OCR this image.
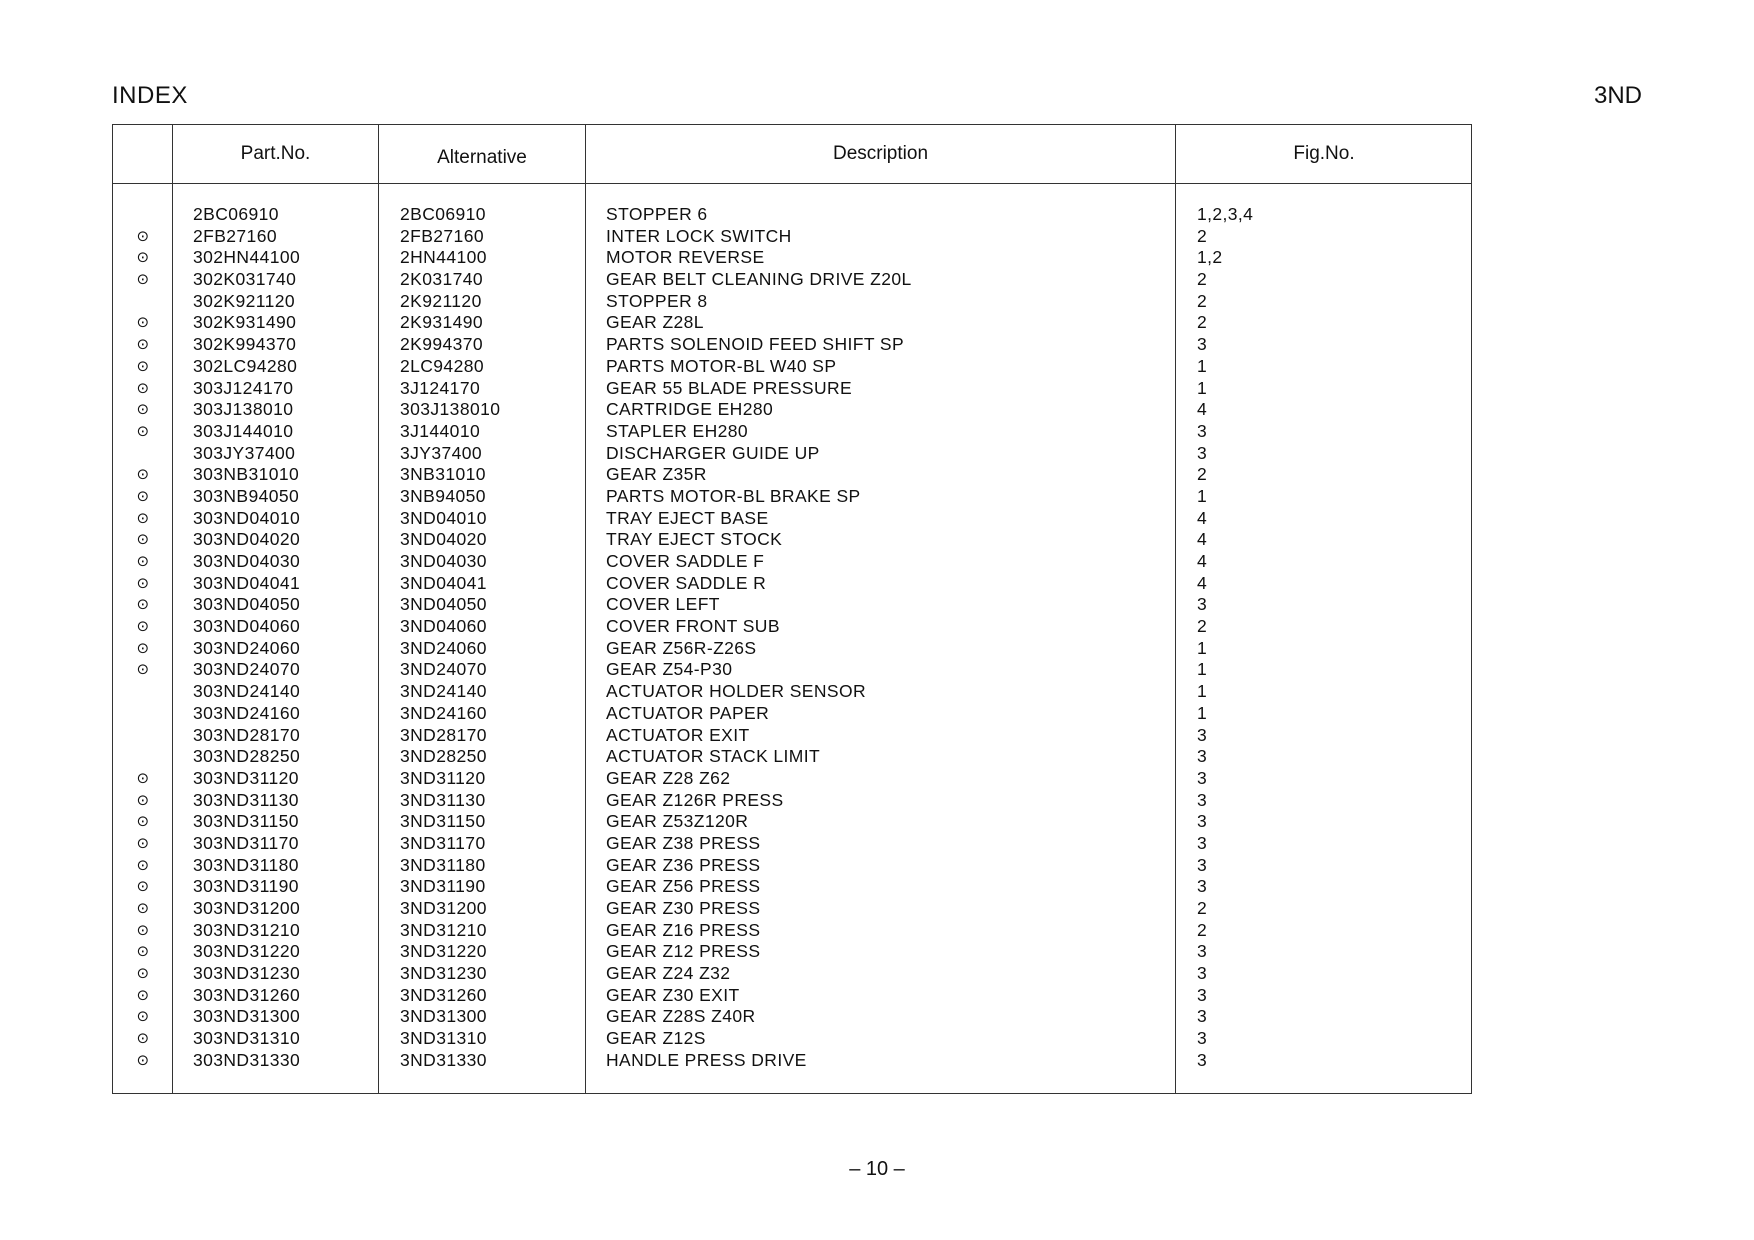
INDEX	3ND
Part.No.	Alternative	Description	Fig.No.
2BC06910	2BC06910	STOPPER 6	1,2,3,4
⊙ 2FB27160	2FB27160	INTER LOCK SWITCH	2
⊙ 302HN44100	2HN44100	MOTOR REVERSE	1,2
⊙ 302K031740	2K031740	GEAR BELT CLEANING DRIVE Z20L	2
302K921120	2K921120	STOPPER 8	2
⊙ 302K931490	2K931490	GEAR Z28L	2
⊙ 302K994370	2K994370	PARTS SOLENOID FEED SHIFT SP	3
⊙ 302LC94280	2LC94280	PARTS MOTOR-BL W40 SP	1
⊙ 303J124170	3J124170	GEAR 55 BLADE PRESSURE	1
⊙ 303J138010	303J138010	CARTRIDGE EH280	4
⊙ 303J144010	3J144010	STAPLER EH280	3
303JY37400	3JY37400	DISCHARGER GUIDE UP	3
⊙ 303NB31010	3NB31010	GEAR Z35R	2
⊙ 303NB94050	3NB94050	PARTS MOTOR-BL BRAKE SP	1
⊙ 303ND04010	3ND04010	TRAY EJECT BASE	4
⊙ 303ND04020	3ND04020	TRAY EJECT STOCK	4
⊙ 303ND04030	3ND04030	COVER SADDLE F	4
⊙ 303ND04041	3ND04041	COVER SADDLE R	4
⊙ 303ND04050	3ND04050	COVER LEFT	3
⊙ 303ND04060	3ND04060	COVER FRONT SUB	2
⊙ 303ND24060	3ND24060	GEAR Z56R-Z26S	1
⊙ 303ND24070	3ND24070	GEAR Z54-P30	1
303ND24140	3ND24140	ACTUATOR HOLDER SENSOR	1
303ND24160	3ND24160	ACTUATOR PAPER	1
303ND28170	3ND28170	ACTUATOR EXIT	3
303ND28250	3ND28250	ACTUATOR STACK LIMIT	3
⊙ 303ND31120	3ND31120	GEAR Z28 Z62	3
⊙ 303ND31130	3ND31130	GEAR Z126R PRESS	3
⊙ 303ND31150	3ND31150	GEAR Z53Z120R	3
⊙ 303ND31170	3ND31170	GEAR Z38 PRESS	3
⊙ 303ND31180	3ND31180	GEAR Z36 PRESS	3
⊙ 303ND31190	3ND31190	GEAR Z56 PRESS	3
⊙ 303ND31200	3ND31200	GEAR Z30 PRESS	2
⊙ 303ND31210	3ND31210	GEAR Z16 PRESS	2
⊙ 303ND31220	3ND31220	GEAR Z12 PRESS	3
⊙ 303ND31230	3ND31230	GEAR Z24 Z32	3
⊙ 303ND31260	3ND31260	GEAR Z30 EXIT	3
⊙ 303ND31300	3ND31300	GEAR Z28S Z40R	3
⊙ 303ND31310	3ND31310	GEAR Z12S	3
⊙ 303ND31330	3ND31330	HANDLE PRESS DRIVE	3
– 10 –
